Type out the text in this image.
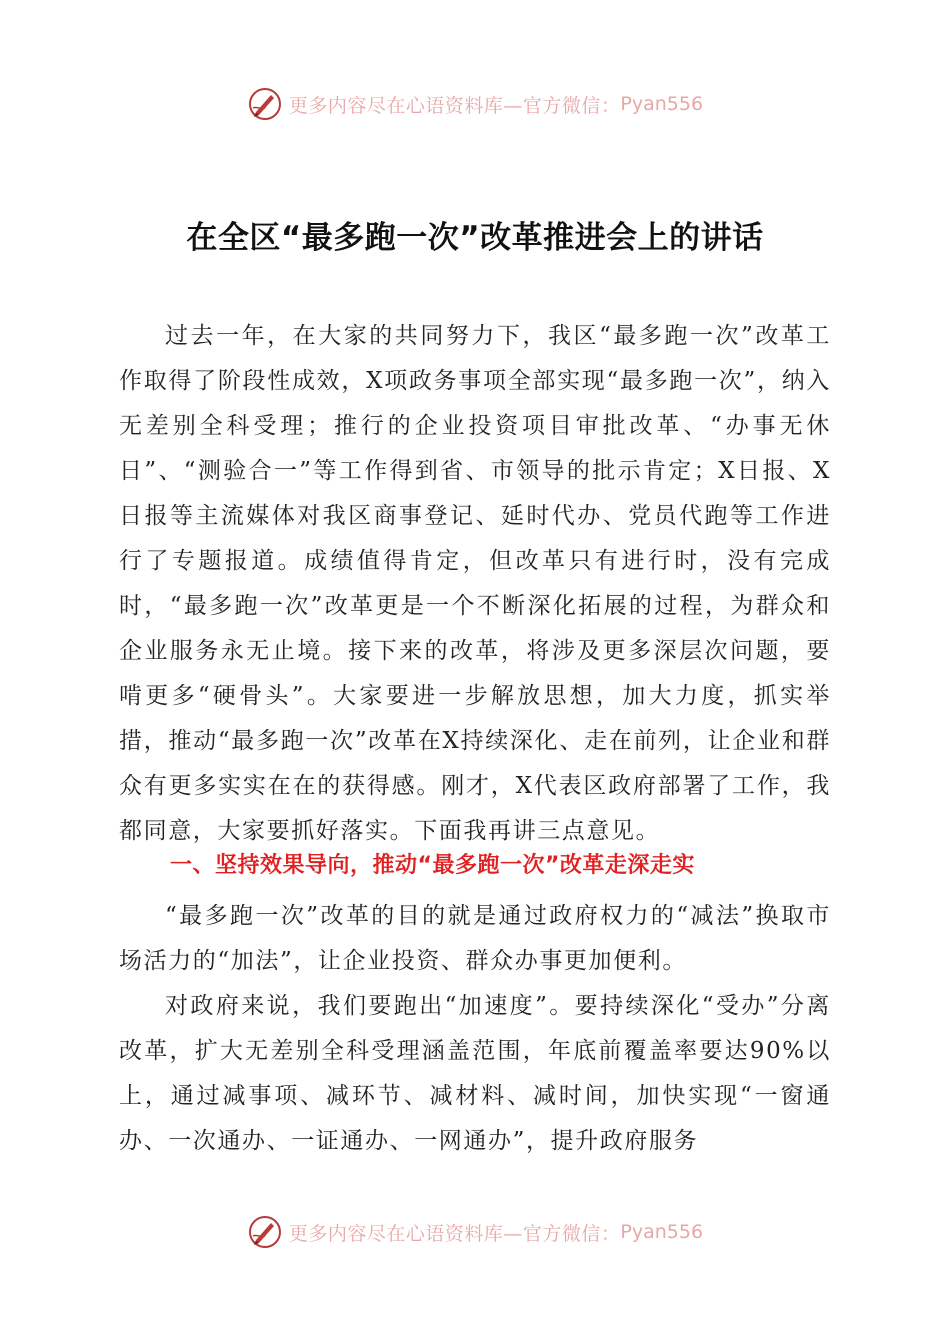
更多内容尽在心语资料库—官方微信： Pyan556
在全区“最多跑一次”改革推进会上的讲话

过去一年，在大家的共同努力下，我区“最多跑一次”改革工作取得了阶段性成效，X项政务事项全部实现“最多跑一次”，纳入无差别全科受理；推行的企业投资项目审批改革、“办事无休日”、“测验合一”等工作得到省、市领导的批示肯定；X日报、X日报等主流媒体对我区商事登记、延时代办、党员代跑等工作进行了专题报道。成绩值得肯定，但改革只有进行时，没有完成时，“最多跑一次”改革更是一个不断深化拓展的过程，为群众和企业服务永无止境。接下来的改革，将涉及更多深层次问题，要啃更多“硬骨头”。大家要进一步解放思想，加大力度，抓实举措，推动“最多跑一次”改革在X持续深化、走在前列，让企业和群众有更多实实在在的获得感。刚才，X代表区政府部署了工作，我都同意，大家要抓好落实。下面我再讲三点意见。

一、坚持效果导向，推动“最多跑一次”改革走深走实

“最多跑一次”改革的目的就是通过政府权力的“减法”换取市场活力的“加法”，让企业投资、群众办事更加便利。

对政府来说，我们要跑出“加速度”。要持续深化“受办”分离改革，扩大无差别全科受理涵盖范围，年底前覆盖率要达90%以上，通过减事项、减环节、减材料、减时间，加快实现“一窗通办、一次通办、一证通办、一网通办”，提升政府服务

更多内容尽在心语资料库—官方微信： Pyan556
